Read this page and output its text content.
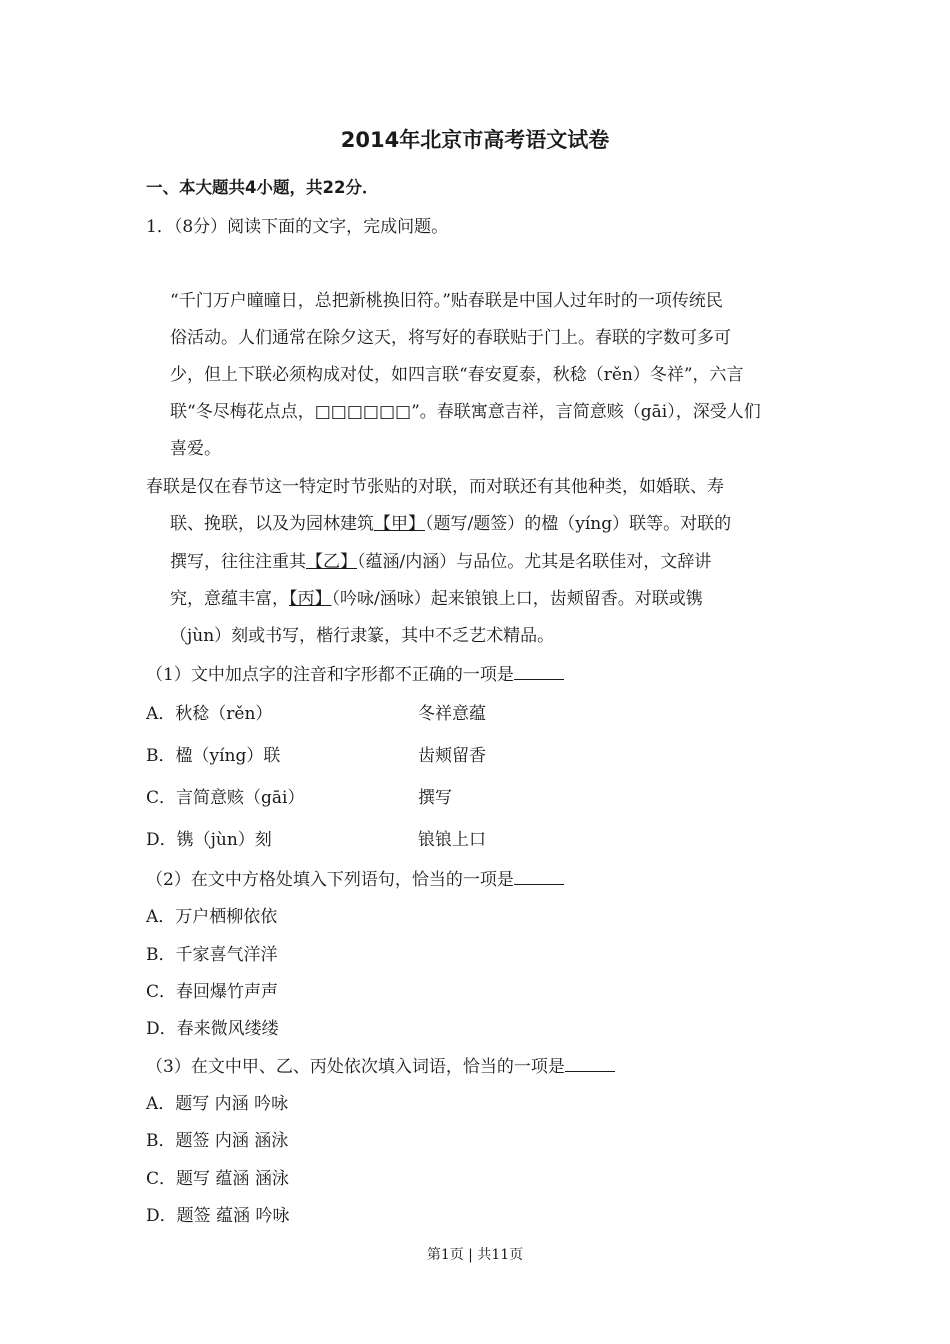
2014年北京市高考语文试卷
一、本大题共4小题，共22分．
1．（8分）阅读下面的文字，完成问题。
“千门万户曈曈日，总把新桃换旧符。”贴春联是中国人过年时的一项传统民
俗活动。人们通常在除夕这天，将写好的春联贴于门上。春联的字数可多可
少，但上下联必须构成对仗，如四言联“春安夏泰，秋稔（rěn）冬祥”，六言
联“冬尽梅花点点，□□□□□□”。春联寓意吉祥，言简意赅（gāi），深受人们
喜爱。
春联是仅在春节这一特定时节张贴的对联，而对联还有其他种类，如婚联、寿
联、挽联，以及为园林建筑【甲】（题写/题签）的楹（yíng）联等。对联的
撰写，往往注重其【乙】（蕴涵/内涵）与品位。尤其是名联佳对，文辞讲
究，意蕴丰富，【丙】（吟咏/涵咏）起来锒锒上口，齿颊留香。对联或镌
（jùn）刻或书写，楷行隶篆，其中不乏艺术精品。
（1）文中加点字的注音和字形都不正确的一项是
A．秋稔（rěn）	冬祥意蕴
B．楹（yíng）联	齿颊留香
C．言简意赅（gāi）	撰写
D．镌（jùn）刻	锒锒上口
（2）在文中方格处填入下列语句，恰当的一项是
A．万户栖柳依依
B．千家喜气洋洋
C．春回爆竹声声
D．春来微风缕缕
（3）在文中甲、乙、丙处依次填入词语，恰当的一项是
A．题写 内涵 吟咏
B．题签 内涵 涵泳
C．题写 蕴涵 涵泳
D．题签 蕴涵 吟咏
第1页 | 共11页
